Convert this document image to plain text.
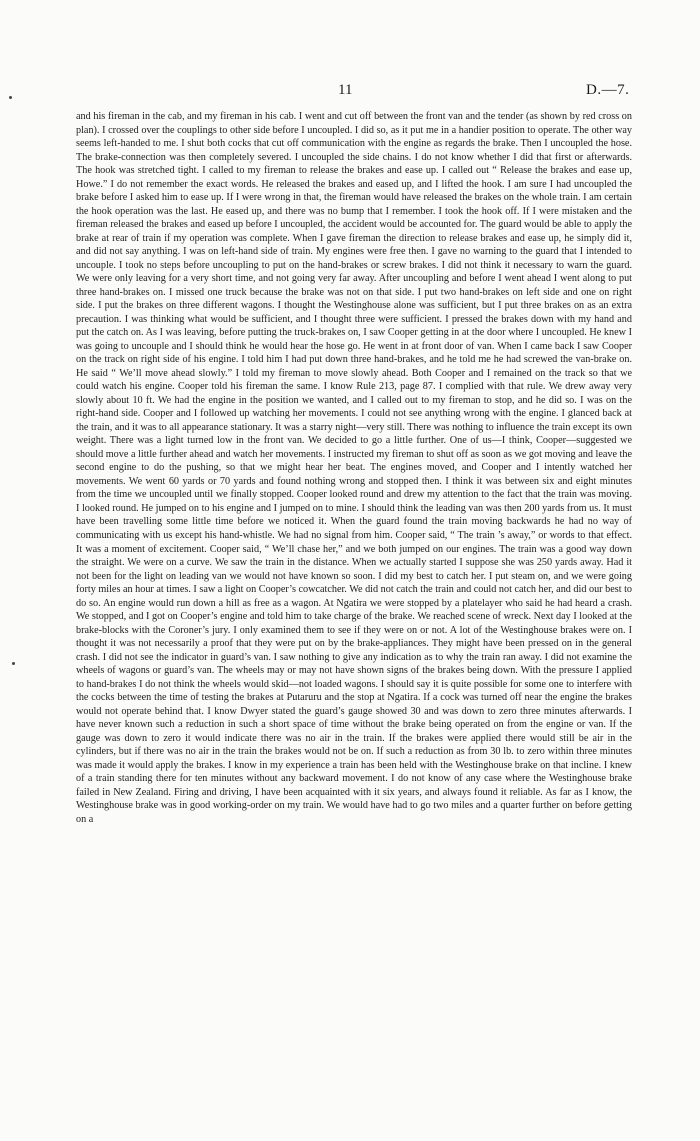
11	D.—7.

and his fireman in the cab, and my fireman in his cab. I went and cut off between the front van and the tender (as shown by red cross on plan). I crossed over the couplings to other side before I uncoupled. I did so, as it put me in a handier position to operate. The other way seems left-handed to me. I shut both cocks that cut off communication with the engine as regards the brake. Then I uncoupled the hose. The brake-connection was then completely severed. I uncoupled the side chains. I do not know whether I did that first or afterwards. The hook was stretched tight. I called to my fireman to release the brakes and ease up. I called out “ Release the brakes and ease up, Howe.” I do not remember the exact words. He released the brakes and eased up, and I lifted the hook. I am sure I had uncoupled the brake before I asked him to ease up. If I were wrong in that, the fireman would have released the brakes on the whole train. I am certain the hook operation was the last. He eased up, and there was no bump that I remember. I took the hook off. If I were mistaken and the fireman released the brakes and eased up before I uncoupled, the accident would be accounted for. The guard would be able to apply the brake at rear of train if my operation was complete. When I gave fireman the direction to release brakes and ease up, he simply did it, and did not say anything. I was on left-hand side of train. My engines were free then. I gave no warning to the guard that I intended to uncouple. I took no steps before uncoupling to put on the hand-brakes or screw brakes. I did not think it necessary to warn the guard. We were only leaving for a very short time, and not going very far away. After uncoupling and before I went ahead I went along to put three hand-brakes on. I missed one truck because the brake was not on that side. I put two hand-brakes on left side and one on right side. I put the brakes on three different wagons. I thought the Westinghouse alone was sufficient, but I put three brakes on as an extra precaution. I was thinking what would be sufficient, and I thought three were sufficient. I pressed the brakes down with my hand and put the catch on. As I was leaving, before putting the truck-brakes on, I saw Cooper getting in at the door where I uncoupled. He knew I was going to uncouple and I should think he would hear the hose go. He went in at front door of van. When I came back I saw Cooper on the track on right side of his engine. I told him I had put down three hand-brakes, and he told me he had screwed the van-brake on. He said “ We’ll move ahead slowly.” I told my fireman to move slowly ahead. Both Cooper and I remained on the track so that we could watch his engine. Cooper told his fireman the same. I know Rule 213, page 87. I complied with that rule. We drew away very slowly about 10 ft. We had the engine in the position we wanted, and I called out to my fireman to stop, and he did so. I was on the right-hand side. Cooper and I followed up watching her movements. I could not see anything wrong with the engine. I glanced back at the train, and it was to all appearance stationary. It was a starry night—very still. There was nothing to influence the train except its own weight. There was a light turned low in the front van. We decided to go a little further. One of us—I think, Cooper—suggested we should move a little further ahead and watch her movements. I instructed my fireman to shut off as soon as we got moving and leave the second engine to do the pushing, so that we might hear her beat. The engines moved, and Cooper and I intently watched her movements. We went 60 yards or 70 yards and found nothing wrong and stopped then. I think it was between six and eight minutes from the time we uncoupled until we finally stopped. Cooper looked round and drew my attention to the fact that the train was moving. I looked round. He jumped on to his engine and I jumped on to mine. I should think the leading van was then 200 yards from us. It must have been travelling some little time before we noticed it. When the guard found the train moving backwards he had no way of communicating with us except his hand-whistle. We had no signal from him. Cooper said, “ The train ’s away,” or words to that effect. It was a moment of excitement. Cooper said, “ We’ll chase her,” and we both jumped on our engines. The train was a good way down the straight. We were on a curve. We saw the train in the distance. When we actually started I suppose she was 250 yards away. Had it not been for the light on leading van we would not have known so soon. I did my best to catch her. I put steam on, and we were going forty miles an hour at times. I saw a light on Cooper’s cowcatcher. We did not catch the train and could not catch her, and did our best to do so. An engine would run down a hill as free as a wagon. At Ngatira we were stopped by a platelayer who said he had heard a crash. We stopped, and I got on Cooper’s engine and told him to take charge of the brake. We reached scene of wreck. Next day I looked at the brake-blocks with the Coroner’s jury. I only examined them to see if they were on or not. A lot of the Westinghouse brakes were on. I thought it was not necessarily a proof that they were put on by the brake-appliances. They might have been pressed on in the general crash. I did not see the indicator in guard’s van. I saw nothing to give any indication as to why the train ran away. I did not examine the wheels of wagons or guard’s van. The wheels may or may not have shown signs of the brakes being down. With the pressure I applied to hand-brakes I do not think the wheels would skid—not loaded wagons. I should say it is quite possible for some one to interfere with the cocks between the time of testing the brakes at Putaruru and the stop at Ngatira. If a cock was turned off near the engine the brakes would not operate behind that. I know Dwyer stated the guard’s gauge showed 30 and was down to zero three minutes afterwards. I have never known such a reduction in such a short space of time without the brake being operated on from the engine or van. If the gauge was down to zero it would indicate there was no air in the train. If the brakes were applied there would still be air in the cylinders, but if there was no air in the train the brakes would not be on. If such a reduction as from 30 lb. to zero within three minutes was made it would apply the brakes. I know in my experience a train has been held with the Westinghouse brake on that incline. I knew of a train standing there for ten minutes without any backward movement. I do not know of any case where the Westinghouse brake failed in New Zealand. Firing and driving, I have been acquainted with it six years, and always found it reliable. As far as I know, the Westinghouse brake was in good working-order on my train. We would have had to go two miles and a quarter further on before getting on a
